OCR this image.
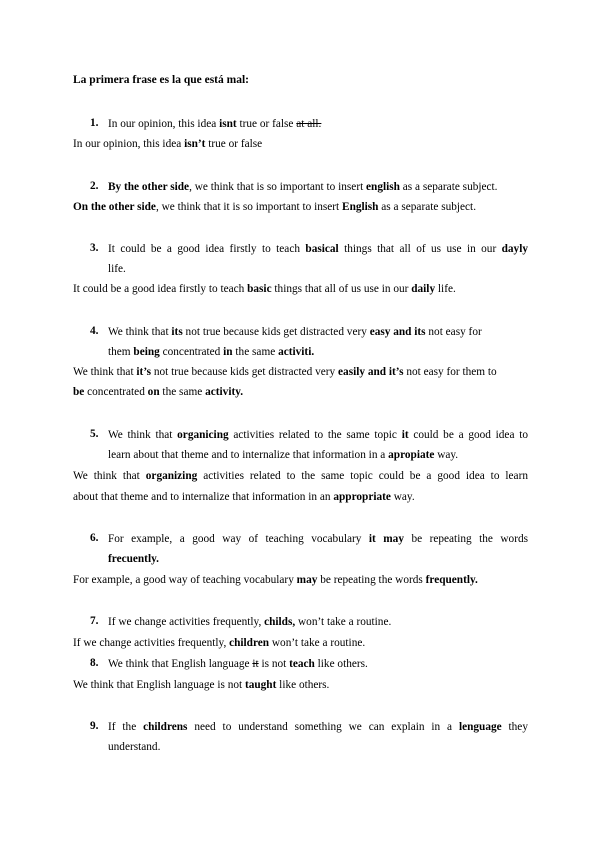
La primera frase es la que está mal:
1. In our opinion, this idea isnt true or false at all.
In our opinion, this idea isn’t true or false
2. By the other side, we think that is so important to insert english as a separate subject.
On the other side, we think that it is so important to insert English as a separate subject.
3. It could be a good idea firstly to teach basical things that all of us use in our dayly
life.
It could be a good idea firstly to teach basic things that all of us use in our daily life.
4. We think that its not true because kids get distracted very easy and its not easy for
them being concentrated in the same activiti.
We think that it’s not true because kids get distracted very easily and it’s not easy for them to
be concentrated on the same activity.
5. We think that organicing activities related to the same topic it could be a good idea to
learn about that theme and to internalize that information in a apropiate way.
We think that organizing activities related to the same topic could be a good idea to learn
about that theme and to internalize that information in an appropriate way.
6. For example, a good way of teaching vocabulary it may be repeating the words
frecuently.
For example, a good way of teaching vocabulary may be repeating the words frequently.
7. If we change activities frequently, childs, won’t take a routine.
If we change activities frequently, children won’t take a routine.
8. We think that English language it is not teach like others.
We think that English language is not taught like others.
9. If the childrens need to understand something we can explain in a lenguage they
understand.
